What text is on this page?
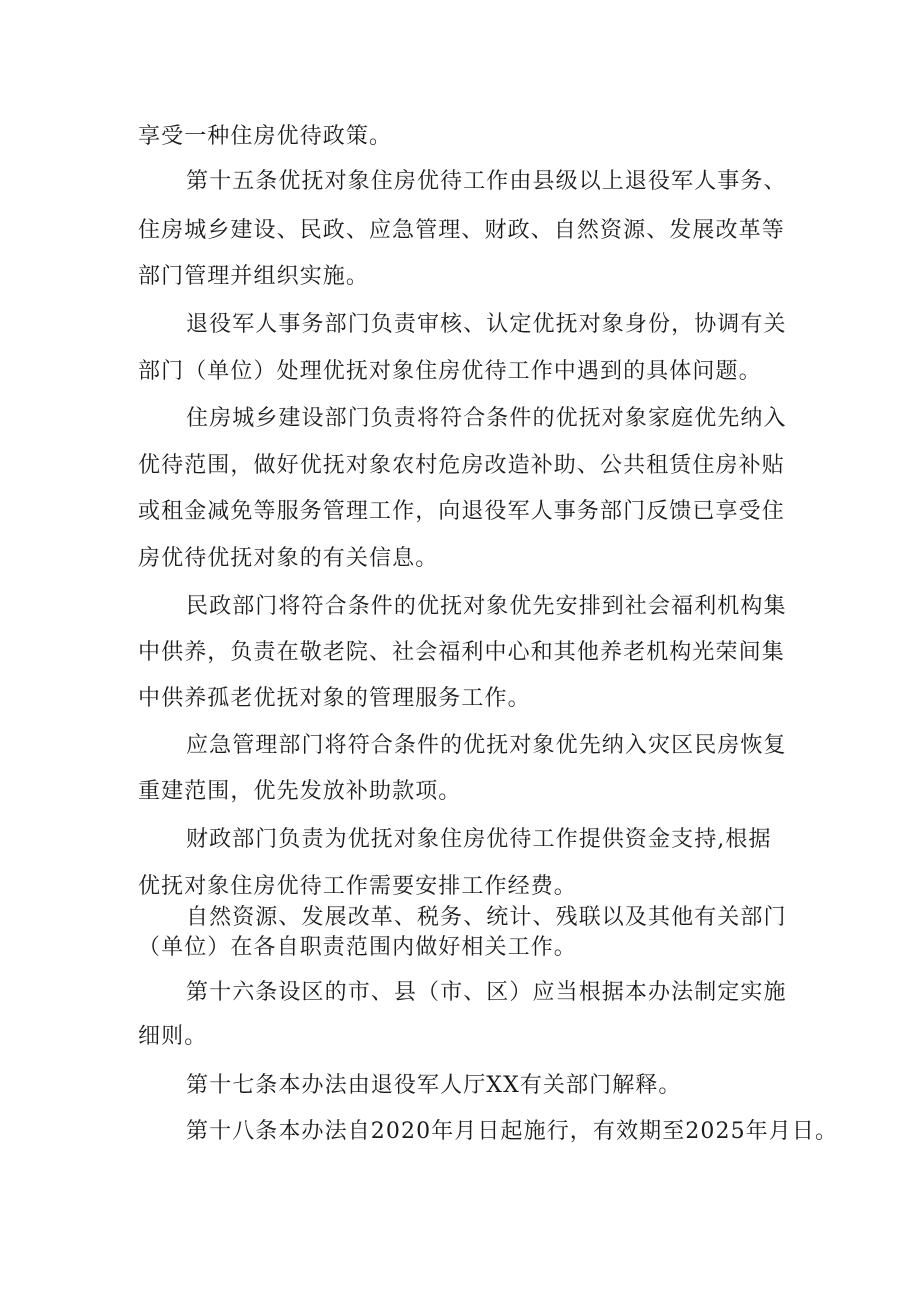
享受一种住房优待政策。
第十五条优抚对象住房优待工作由县级以上退役军人事务、
住房城乡建设、民政、应急管理、财政、自然资源、发展改革等
部门管理并组织实施。
退役军人事务部门负责审核、认定优抚对象身份，协调有关
部门（单位）处理优抚对象住房优待工作中遇到的具体问题。
住房城乡建设部门负责将符合条件的优抚对象家庭优先纳入
优待范围，做好优抚对象农村危房改造补助、公共租赁住房补贴
或租金减免等服务管理工作，向退役军人事务部门反馈已享受住
房优待优抚对象的有关信息。
民政部门将符合条件的优抚对象优先安排到社会福利机构集
中供养，负责在敬老院、社会福利中心和其他养老机构光荣间集
中供养孤老优抚对象的管理服务工作。
应急管理部门将符合条件的优抚对象优先纳入灾区民房恢复
重建范围，优先发放补助款项。
财政部门负责为优抚对象住房优待工作提供资金支持,根据
优抚对象住房优待工作需要安排工作经费。
自然资源、发展改革、税务、统计、残联以及其他有关部门
（单位）在各自职责范围内做好相关工作。
第十六条设区的市、县（市、区）应当根据本办法制定实施
细则。
第十七条本办法由退役军人厅XX有关部门解释。
第十八条本办法自2020年月日起施行，有效期至2025年月日。
